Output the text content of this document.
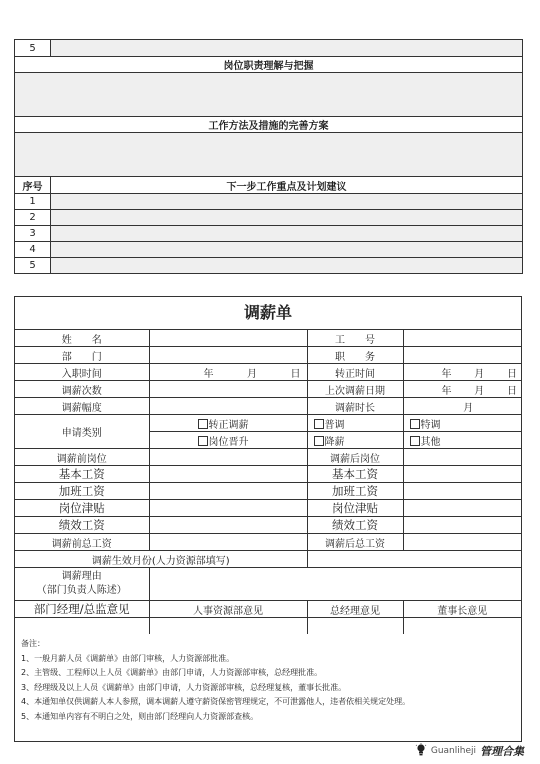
5	
岗位职责理解与把握	

工作方法及措施的完善方案	

序号	下一步工作重点及计划建议
1	
2	
3	
4	
5	
调薪单
姓　　名		工　　号	
部　　门		职　　务	
入职时间	年 月 日	转正时间	年 月 日

调薪次数		上次调薪日期	年 月 日

调薪幅度		调薪时长	月
申请类别	转正调薪	普调	特调
	岗位晋升	降薪	其他
调薪前岗位		调薪后岗位	
基本工资		基本工资	
加班工资		加班工资	
岗位津贴		岗位津贴	
绩效工资		绩效工资	
调薪前总工资		调薪后总工资	
调薪生效月份(人力资源部填写)			

调薪理由
（部门负责人陈述）			

部门经理/总监意见	人事资源部意见	总经理意见	董事长意见

备注：
1、一般月薪人员《调薪单》由部门审核，人力资源部批准。
2、主管级、工程师以上人员《调薪单》由部门申请，人力资源部审核，总经理批准。
3、经理级及以上人员《调薪单》由部门申请，人力资源部审核，总经理复核，董事长批准。
4、本通知单仅供调薪人本人参照，调本调薪人遵守薪资保密管理规定，不可泄露他人，违者依相关规定处理。
5、本通知单内容有不明白之处，则由部门经理向人力资源部查核。
Guanliheji 管理合集
